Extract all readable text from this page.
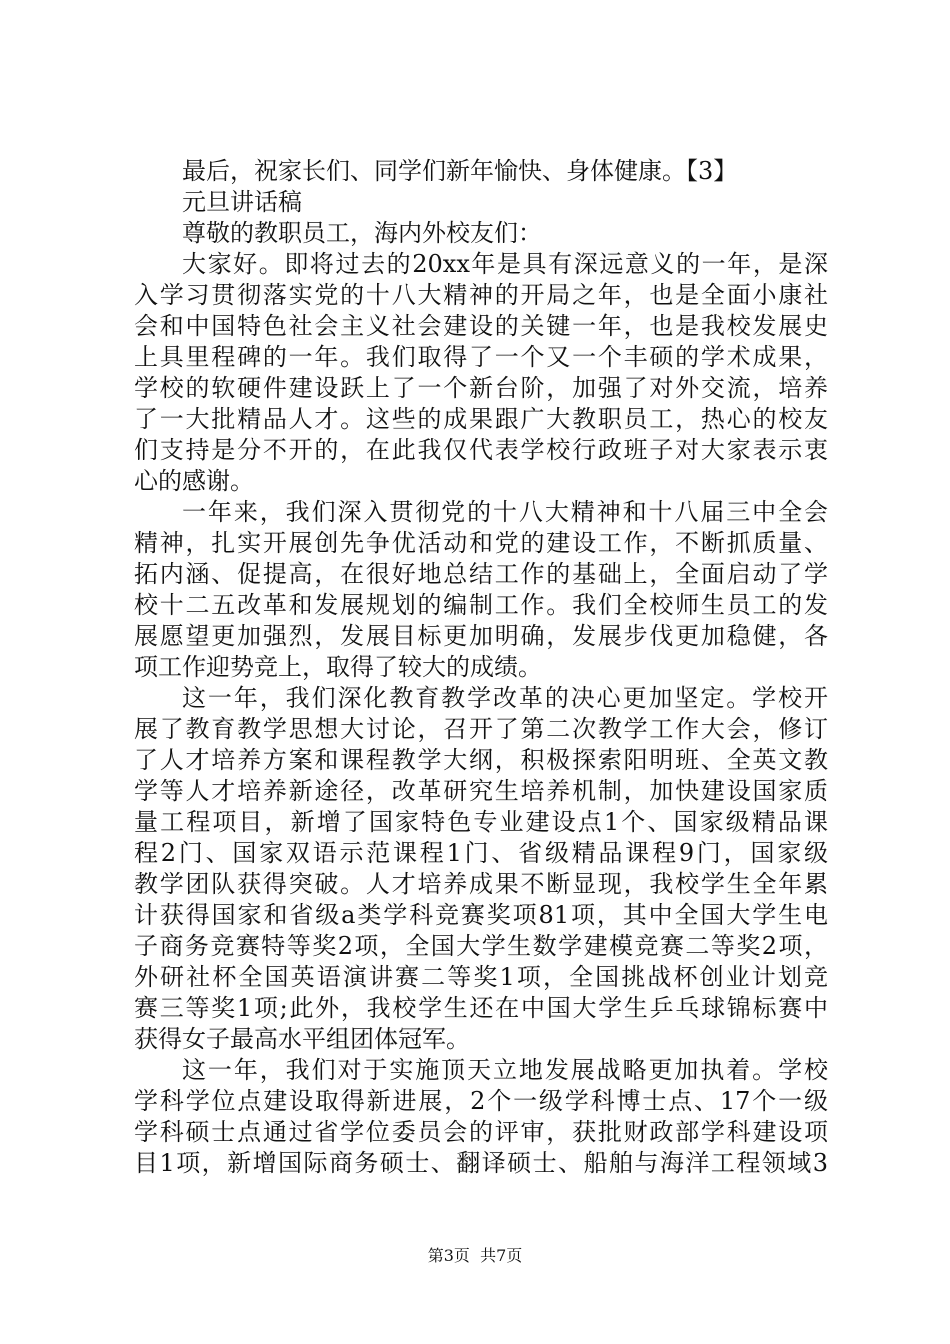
最后，祝家长们、同学们新年愉快、身体健康。【3】
元旦讲话稿
尊敬的教职员工，海内外校友们：
大家好。即将过去的20xx年是具有深远意义的一年，是深
入学习贯彻落实党的十八大精神的开局之年，也是全面小康社
会和中国特色社会主义社会建设的关键一年，也是我校发展史
上具里程碑的一年。我们取得了一个又一个丰硕的学术成果，
学校的软硬件建设跃上了一个新台阶，加强了对外交流，培养
了一大批精品人才。这些的成果跟广大教职员工，热心的校友
们支持是分不开的，在此我仅代表学校行政班子对大家表示衷
心的感谢。
一年来，我们深入贯彻党的十八大精神和十八届三中全会
精神，扎实开展创先争优活动和党的建设工作，不断抓质量、
拓内涵、促提高，在很好地总结工作的基础上，全面启动了学
校十二五改革和发展规划的编制工作。我们全校师生员工的发
展愿望更加强烈，发展目标更加明确，发展步伐更加稳健，各
项工作迎势竞上，取得了较大的成绩。
这一年，我们深化教育教学改革的决心更加坚定。学校开
展了教育教学思想大讨论，召开了第二次教学工作大会，修订
了人才培养方案和课程教学大纲，积极探索阳明班、全英文教
学等人才培养新途径，改革研究生培养机制，加快建设国家质
量工程项目，新增了国家特色专业建设点1个、国家级精品课
程2门、国家双语示范课程1门、省级精品课程9门，国家级
教学团队获得突破。人才培养成果不断显现，我校学生全年累
计获得国家和省级a类学科竞赛奖项81项，其中全国大学生电
子商务竞赛特等奖2项，全国大学生数学建模竞赛二等奖2项，
外研社杯全国英语演讲赛二等奖1项，全国挑战杯创业计划竞
赛三等奖1项;此外，我校学生还在中国大学生乒乓球锦标赛中
获得女子最高水平组团体冠军。
这一年，我们对于实施顶天立地发展战略更加执着。学校
学科学位点建设取得新进展，2个一级学科博士点、17个一级
学科硕士点通过省学位委员会的评审，获批财政部学科建设项
目1项，新增国际商务硕士、翻译硕士、船舶与海洋工程领域3
第3页  共7页
